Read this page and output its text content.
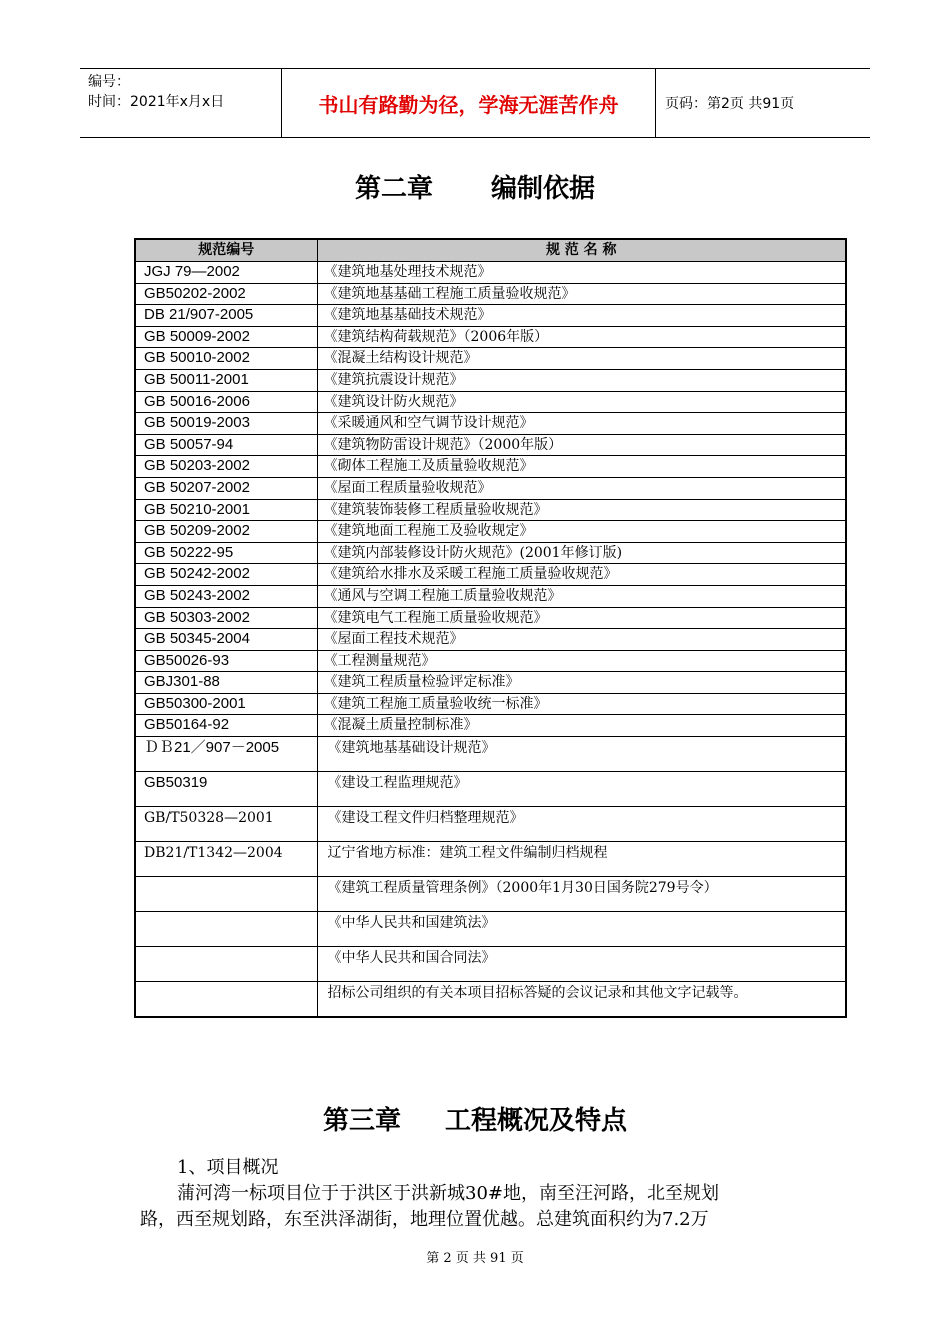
编号：
时间：2021年x月x日	书山有路勤为径，学海无涯苦作舟	页码：第2页 共91页
第二章 编制依据
规范编号	规 范 名 称
JGJ 79—2002	《建筑地基处理技术规范》
GB50202-2002	《建筑地基基础工程施工质量验收规范》
DB 21/907-2005	《建筑地基基础技术规范》
GB 50009-2002	《建筑结构荷载规范》（2006年版）
GB 50010-2002	《混凝土结构设计规范》
GB 50011-2001	《建筑抗震设计规范》
GB 50016-2006	《建筑设计防火规范》
GB 50019-2003	《采暖通风和空气调节设计规范》
GB 50057-94	《建筑物防雷设计规范》（2000年版）
GB 50203-2002	《砌体工程施工及质量验收规范》
GB 50207-2002	《屋面工程质量验收规范》
GB 50210-2001	《建筑装饰装修工程质量验收规范》
GB 50209-2002	《建筑地面工程施工及验收规定》
GB 50222-95	《建筑内部装修设计防火规范》(2001年修订版)
GB 50242-2002	《建筑给水排水及采暖工程施工质量验收规范》
GB 50243-2002	《通风与空调工程施工质量验收规范》
GB 50303-2002	《建筑电气工程施工质量验收规范》
GB 50345-2004	《屋面工程技术规范》
GB50026-93	《工程测量规范》
GBJ301-88	《建筑工程质量检验评定标准》
GB50300-2001	《建筑工程施工质量验收统一标准》
GB50164-92	《混凝土质量控制标准》
ＤＢ21／907－2005	《建筑地基基础设计规范》
GB50319	《建设工程监理规范》
GB/T50328—2001	《建设工程文件归档整理规范》
DB21/T1342—2004	辽宁省地方标准：建筑工程文件编制归档规程
	《建筑工程质量管理条例》（2000年1月30日国务院279号令）
	《中华人民共和国建筑法》
	《中华人民共和国合同法》
	招标公司组织的有关本项目招标答疑的会议记录和其他文字记载等。
第三章 工程概况及特点
1、项目概况
蒲河湾一标项目位于于洪区于洪新城30#地，南至汪河路，北至规划
路，西至规划路，东至洪泽湖街，地理位置优越。总建筑面积约为7.2万
第 2 页 共 91 页
